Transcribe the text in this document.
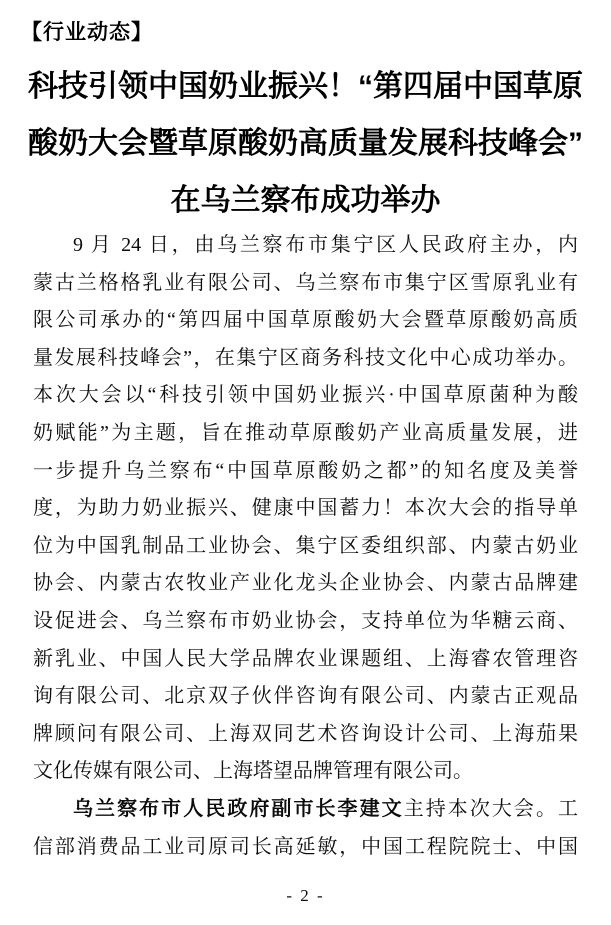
【行业动态】
科技引领中国奶业振兴！“第四届中国草原
酸奶大会暨草原酸奶高质量发展科技峰会”
在乌兰察布成功举办
9 月 24 日，由乌兰察布市集宁区人民政府主办，内
蒙古兰格格乳业有限公司、乌兰察布市集宁区雪原乳业有
限公司承办的“第四届中国草原酸奶大会暨草原酸奶高质
量发展科技峰会”，在集宁区商务科技文化中心成功举办。
本次大会以“科技引领中国奶业振兴·中国草原菌种为酸
奶赋能”为主题，旨在推动草原酸奶产业高质量发展，进
一步提升乌兰察布“中国草原酸奶之都”的知名度及美誉
度，为助力奶业振兴、健康中国蓄力！本次大会的指导单
位为中国乳制品工业协会、集宁区委组织部、内蒙古奶业
协会、内蒙古农牧业产业化龙头企业协会、内蒙古品牌建
设促进会、乌兰察布市奶业协会，支持单位为华糖云商、
新乳业、中国人民大学品牌农业课题组、上海睿农管理咨
询有限公司、北京双子伙伴咨询有限公司、内蒙古正观品
牌顾问有限公司、上海双同艺术咨询设计公司、上海茄果
文化传媒有限公司、上海塔望品牌管理有限公司。
乌兰察布市人民政府副市长李建文主持本次大会。工
信部消费品工业司原司长高延敏，中国工程院院士、中国
- 2 -
